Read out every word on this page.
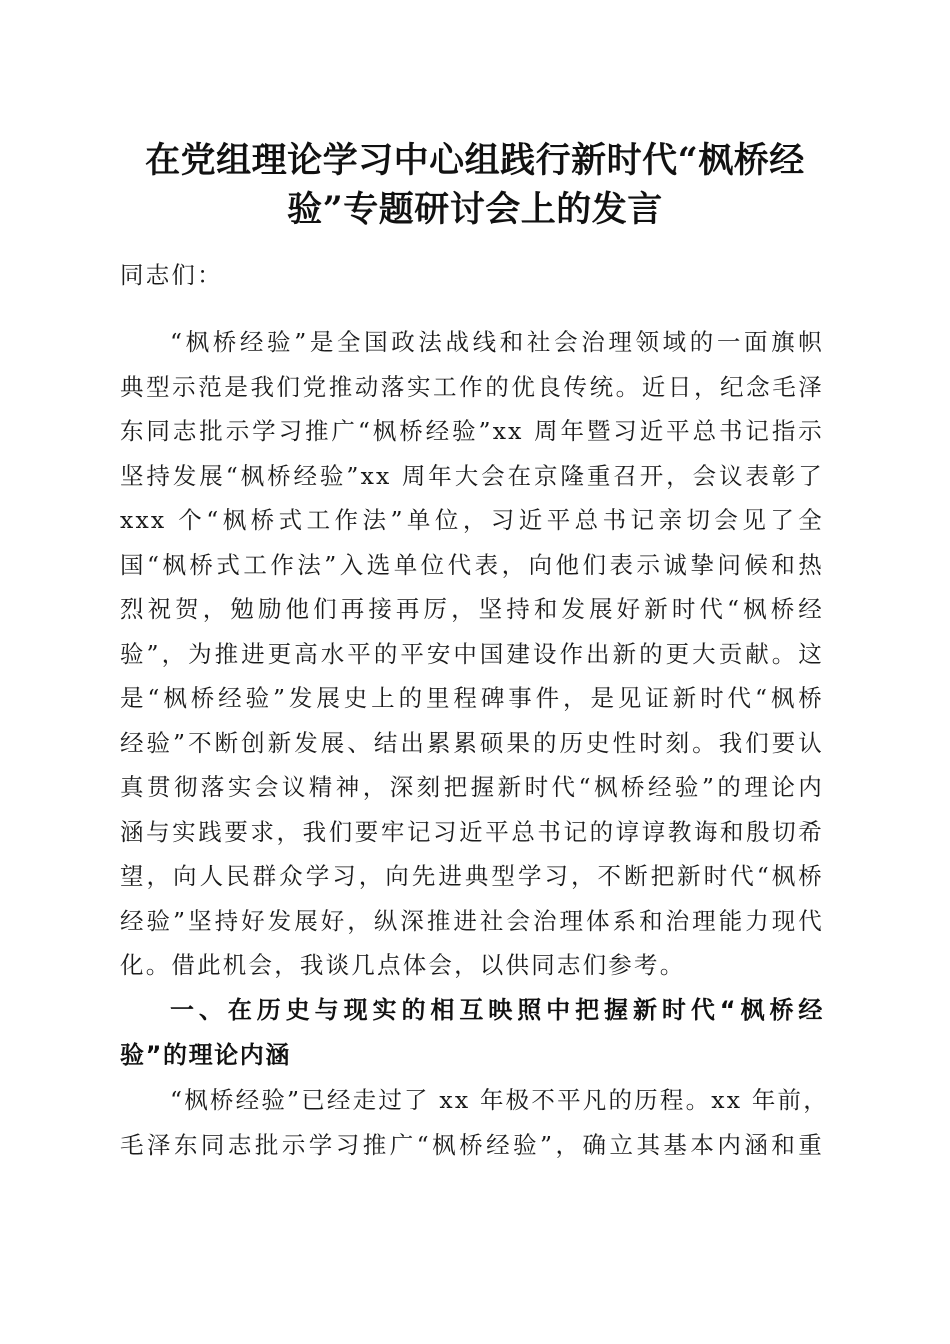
在党组理论学习中心组践行新时代“枫桥经
验”专题研讨会上的发言

同志们：

“枫桥经验”是全国政法战线和社会治理领域的一面旗帜
典型示范是我们党推动落实工作的优良传统。近日，纪念毛泽
东同志批示学习推广“枫桥经验”xx 周年暨习近平总书记指示
坚持发展“枫桥经验”xx 周年大会在京隆重召开，会议表彰了
xxx 个“枫桥式工作法”单位，习近平总书记亲切会见了全
国“枫桥式工作法”入选单位代表，向他们表示诚挚问候和热
烈祝贺，勉励他们再接再厉，坚持和发展好新时代“枫桥经
验”，为推进更高水平的平安中国建设作出新的更大贡献。这
是“枫桥经验”发展史上的里程碑事件，是见证新时代“枫桥
经验”不断创新发展、结出累累硕果的历史性时刻。我们要认
真贯彻落实会议精神，深刻把握新时代“枫桥经验”的理论内
涵与实践要求，我们要牢记习近平总书记的谆谆教诲和殷切希
望，向人民群众学习，向先进典型学习，不断把新时代“枫桥
经验”坚持好发展好，纵深推进社会治理体系和治理能力现代
化。借此机会，我谈几点体会，以供同志们参考。

一、在历史与现实的相互映照中把握新时代“枫桥经
验”的理论内涵

“枫桥经验”已经走过了 xx 年极不平凡的历程。xx 年前，
毛泽东同志批示学习推广“枫桥经验”，确立其基本内涵和重
